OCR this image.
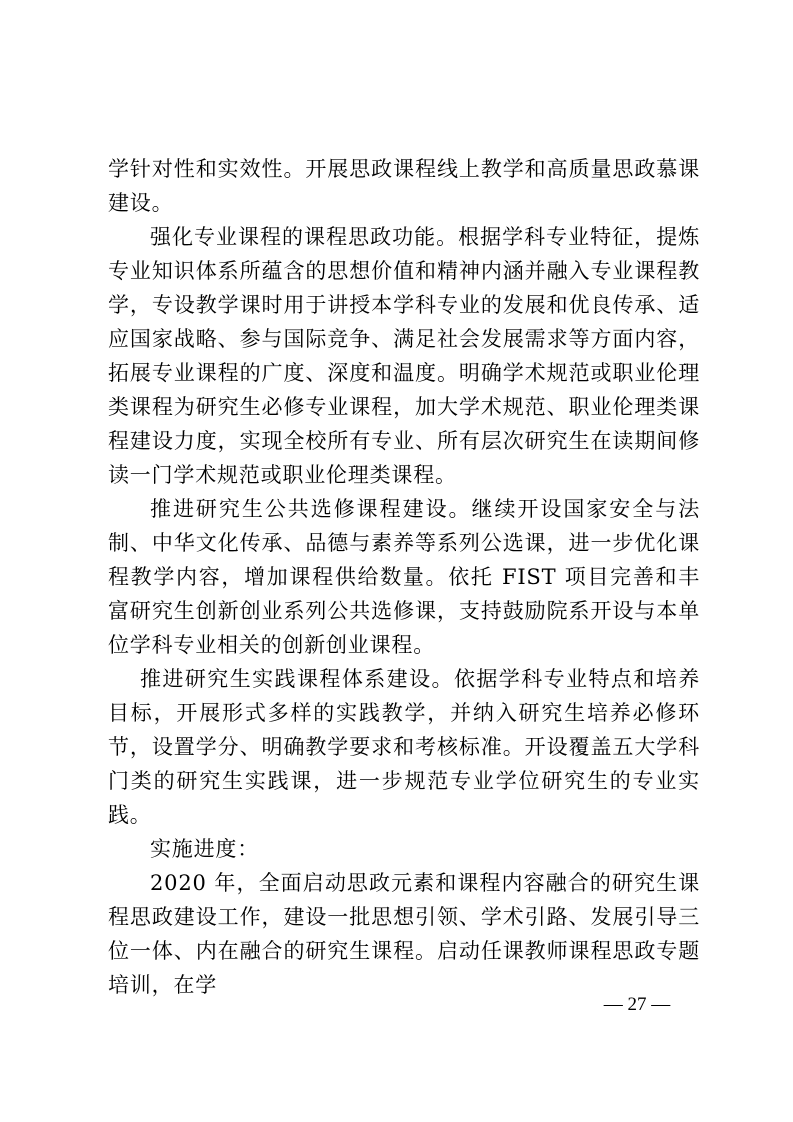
学针对性和实效性。开展思政课程线上教学和高质量思政慕课建设。

强化专业课程的课程思政功能。根据学科专业特征，提炼专业知识体系所蕴含的思想价值和精神内涵并融入专业课程教学，专设教学课时用于讲授本学科专业的发展和优良传承、适应国家战略、参与国际竞争、满足社会发展需求等方面内容，拓展专业课程的广度、深度和温度。明确学术规范或职业伦理类课程为研究生必修专业课程，加大学术规范、职业伦理类课程建设力度，实现全校所有专业、所有层次研究生在读期间修读一门学术规范或职业伦理类课程。

推进研究生公共选修课程建设。继续开设国家安全与法制、中华文化传承、品德与素养等系列公选课，进一步优化课程教学内容，增加课程供给数量。依托 FIST 项目完善和丰富研究生创新创业系列公共选修课，支持鼓励院系开设与本单位学科专业相关的创新创业课程。

推进研究生实践课程体系建设。依据学科专业特点和培养目标，开展形式多样的实践教学，并纳入研究生培养必修环节，设置学分、明确教学要求和考核标准。开设覆盖五大学科门类的研究生实践课，进一步规范专业学位研究生的专业实践。

实施进度：

2020 年，全面启动思政元素和课程内容融合的研究生课程思政建设工作，建设一批思想引领、学术引路、发展引导三位一体、内在融合的研究生课程。启动任课教师课程思政专题培训，在学

— 27 —
